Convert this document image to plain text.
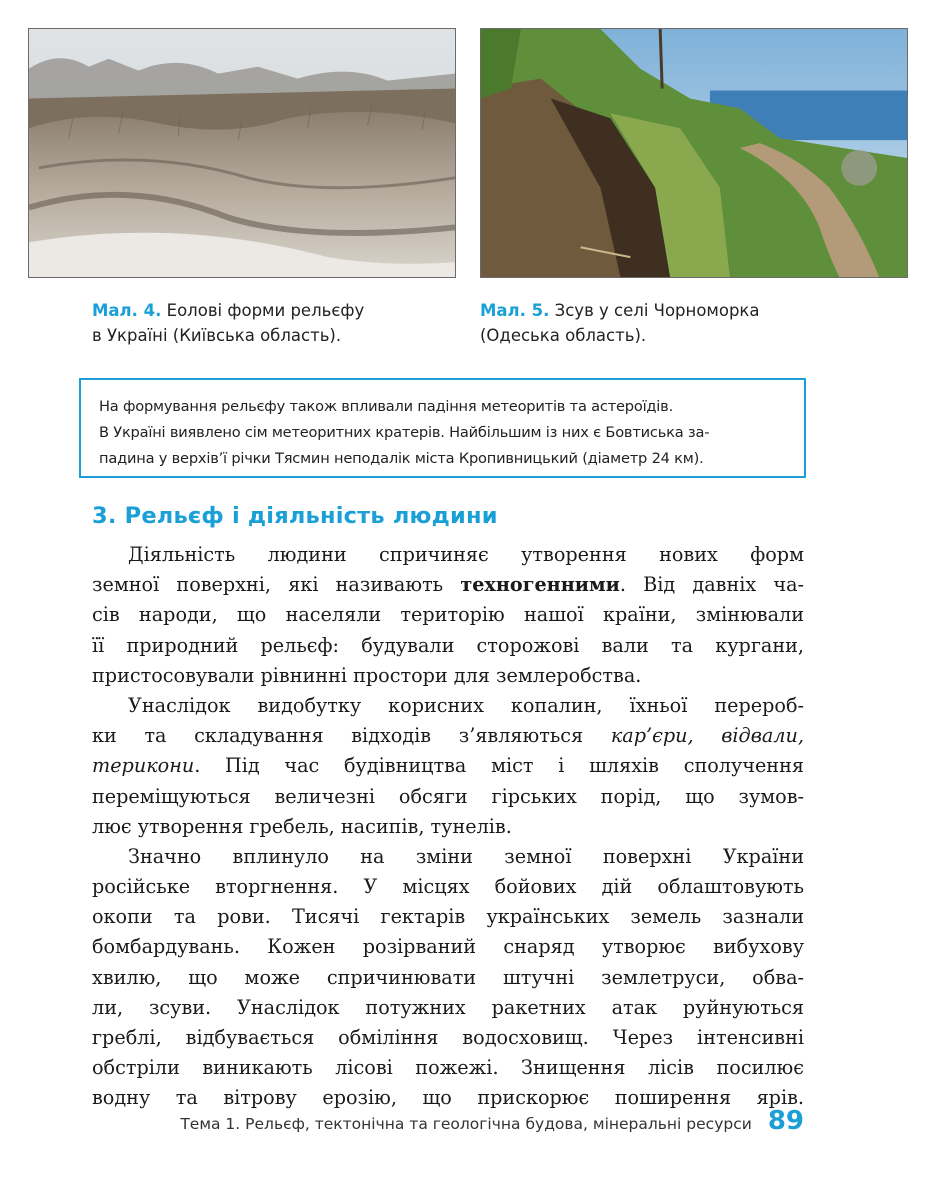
Мал. 4. Еолові форми рельєфу
в Україні (Київська область).
Мал. 5. Зсув у селі Чорноморка
(Одеська область).
На формування рельєфу також впливали падіння метеоритів та астероїдів.
В Україні виявлено сім метеоритних кратерів. Найбільшим із них є Бовтиська за-
падина у верхів’ї річки Тясмин неподалік міста Кропивницький (діаметр 24 км).
3. Рельєф і діяльність людини
Діяльність людини спричиняє утворення нових форм
земної поверхні, які називають техногенними. Від давніх ча-
сів народи, що населяли територію нашої країни, змінювали
її природний рельєф: будували сторожові вали та кургани,
пристосовували рівнинні простори для землеробства.
Унаслідок видобутку корисних копалин, їхньої перероб-
ки та складування відходів з’являються кар’єри, відвали,
терикони. Під час будівництва міст і шляхів сполучення
переміщуються величезні обсяги гірських порід, що зумов-
лює утворення гребель, насипів, тунелів.
Значно вплинуло на зміни земної поверхні України
російське вторгнення. У місцях бойових дій облаштовують
окопи та рови. Тисячі гектарів українських земель зазнали
бомбардувань. Кожен розірваний снаряд утворює вибухову
хвилю, що може спричинювати штучні землетруси, обва-
ли, зсуви. Унаслідок потужних ракетних атак руйнуються
греблі, відбувається обміління водосховищ. Через інтенсивні
обстріли виникають лісові пожежі. Знищення лісів посилює
водну та вітрову ерозію, що прискорює поширення ярів.
Тема 1. Рельєф, тектонічна та геологічна будова, мінеральні ресурси 89
